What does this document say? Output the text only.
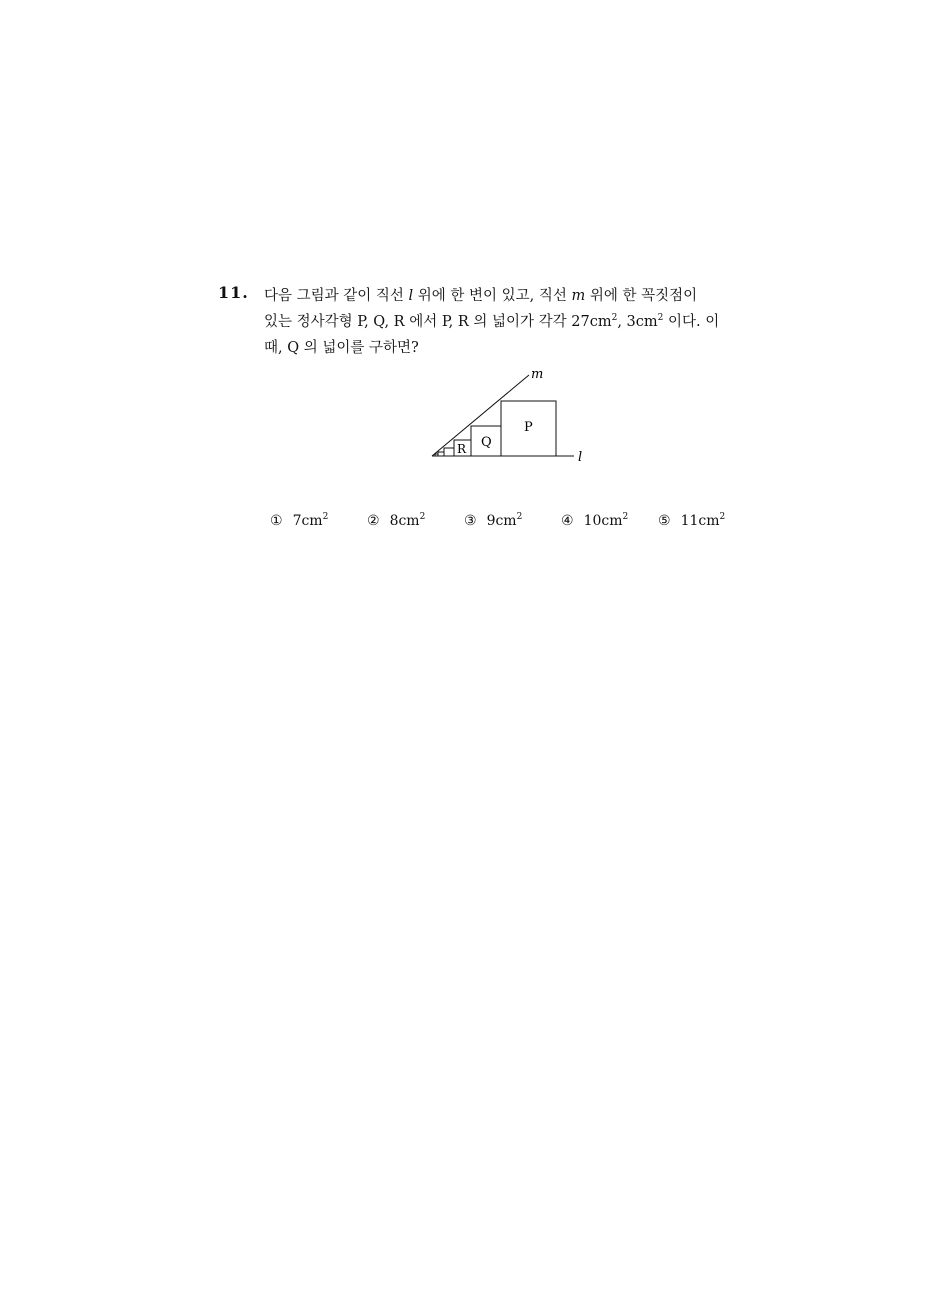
11. 다음 그림과 같이 직선 l 위에 한 변이 있고, 직선 m 위에 한 꼭짓점이
있는 정사각형 P, Q, R 에서 P, R 의 넓이가 각각 $27cm^2$, $3cm^2$ 이다. 이
때, Q 의 넓이를 구하면?
m
l
P
Q
R
① $7cm^2$	② $8cm^2$	③ $9cm^2$	④ $10cm^2$ ⑤ $11cm^2$
